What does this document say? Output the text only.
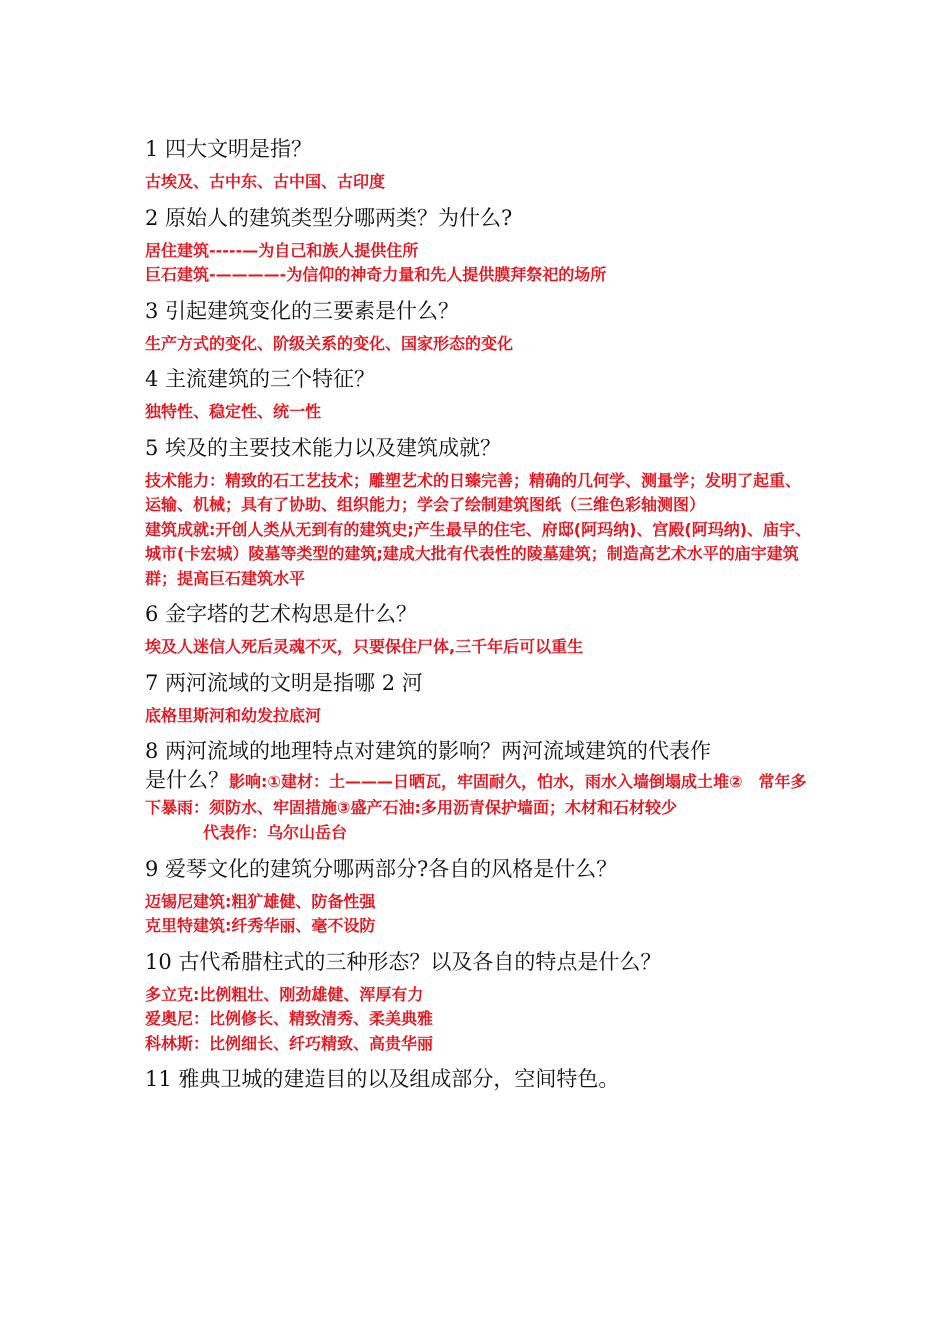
1 四大文明是指？
古埃及、古中东、古中国、古印度
2 原始人的建筑类型分哪两类？为什么?
居住建筑-----—为自己和族人提供住所
巨石建筑-————-为信仰的神奇力量和先人提供膜拜祭祀的场所
3 引起建筑变化的三要素是什么？
生产方式的变化、阶级关系的变化、国家形态的变化
4 主流建筑的三个特征？
独特性、稳定性、统一性
5 埃及的主要技术能力以及建筑成就？
技术能力：精致的石工艺技术；雕塑艺术的日臻完善；精确的几何学、测量学；发明了起重、运输、机械；具有了协助、组织能力；学会了绘制建筑图纸（三维色彩轴测图）
建筑成就:开创人类从无到有的建筑史;产生最早的住宅、府邸(阿玛纳)、宫殿(阿玛纳)、庙宇、城市(卡宏城）陵墓等类型的建筑;建成大批有代表性的陵墓建筑；制造高艺术水平的庙宇建筑群；提高巨石建筑水平
6 金字塔的艺术构思是什么？
埃及人迷信人死后灵魂不灭，只要保住尸体,三千年后可以重生
7 两河流域的文明是指哪 2 河
底格里斯河和幼发拉底河
8 两河流域的地理特点对建筑的影响？两河流域建筑的代表作
是什么？影响:①建材：土———日晒瓦，牢固耐久，怕水，雨水入墙倒塌成土堆②　常年多下暴雨：须防水、牢固措施③盛产石油:多用沥青保护墙面；木材和石材较少
代表作：乌尔山岳台
9 爱琴文化的建筑分哪两部分?各自的风格是什么？
迈锡尼建筑:粗犷雄健、防备性强
克里特建筑:纤秀华丽、毫不设防
10 古代希腊柱式的三种形态？以及各自的特点是什么？
多立克:比例粗壮、刚劲雄健、浑厚有力
爱奥尼：比例修长、精致清秀、柔美典雅
科林斯：比例细长、纤巧精致、高贵华丽
11 雅典卫城的建造目的以及组成部分，空间特色。
